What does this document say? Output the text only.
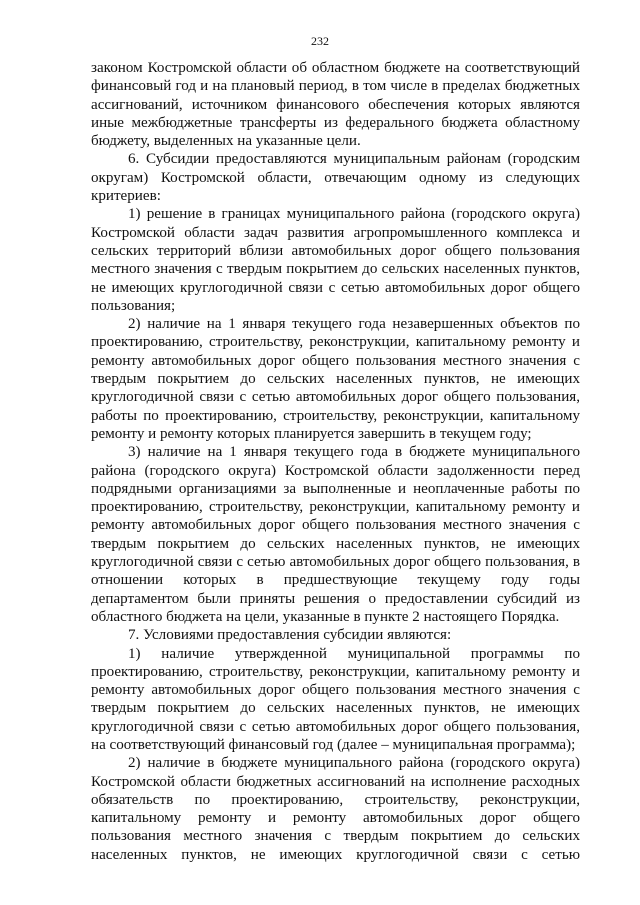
232

законом Костромской области об областном бюджете на соответствующий финансовый год и на плановый период, в том числе в пределах бюджетных ассигнований, источником финансового обеспечения которых являются иные межбюджетные трансферты из федерального бюджета областному бюджету, выделенных на указанные цели.

6. Субсидии предоставляются муниципальным районам (городским округам) Костромской области, отвечающим одному из следующих критериев:

1) решение в границах муниципального района (городского округа) Костромской области задач развития агропромышленного комплекса и сельских территорий вблизи автомобильных дорог общего пользования местного значения с твердым покрытием до сельских населенных пунктов, не имеющих круглогодичной связи с сетью автомобильных дорог общего пользования;

2) наличие на 1 января текущего года незавершенных объектов по проектированию, строительству, реконструкции, капитальному ремонту и ремонту автомобильных дорог общего пользования местного значения с твердым покрытием до сельских населенных пунктов, не имеющих круглогодичной связи с сетью автомобильных дорог общего пользования, работы по проектированию, строительству, реконструкции, капитальному ремонту и ремонту которых планируется завершить в текущем году;

3) наличие на 1 января текущего года в бюджете муниципального района (городского округа) Костромской области задолженности перед подрядными организациями за выполненные и неоплаченные работы по проектированию, строительству, реконструкции, капитальному ремонту и ремонту автомобильных дорог общего пользования местного значения с твердым покрытием до сельских населенных пунктов, не имеющих круглогодичной связи с сетью автомобильных дорог общего пользования, в отношении которых в предшествующие текущему году годы департаментом были приняты решения о предоставлении субсидий из областного бюджета на цели, указанные в пункте 2 настоящего Порядка.

7. Условиями предоставления субсидии являются:

1) наличие утвержденной муниципальной программы по проектированию, строительству, реконструкции, капитальному ремонту и ремонту автомобильных дорог общего пользования местного значения с твердым покрытием до сельских населенных пунктов, не имеющих круглогодичной связи с сетью автомобильных дорог общего пользования, на соответствующий финансовый год (далее – муниципальная программа);

2) наличие в бюджете муниципального района (городского округа) Костромской области бюджетных ассигнований на исполнение расходных обязательств по проектированию, строительству, реконструкции, капитальному ремонту и ремонту автомобильных дорог общего пользования местного значения с твердым покрытием до сельских населенных пунктов, не имеющих круглогодичной связи с сетью
